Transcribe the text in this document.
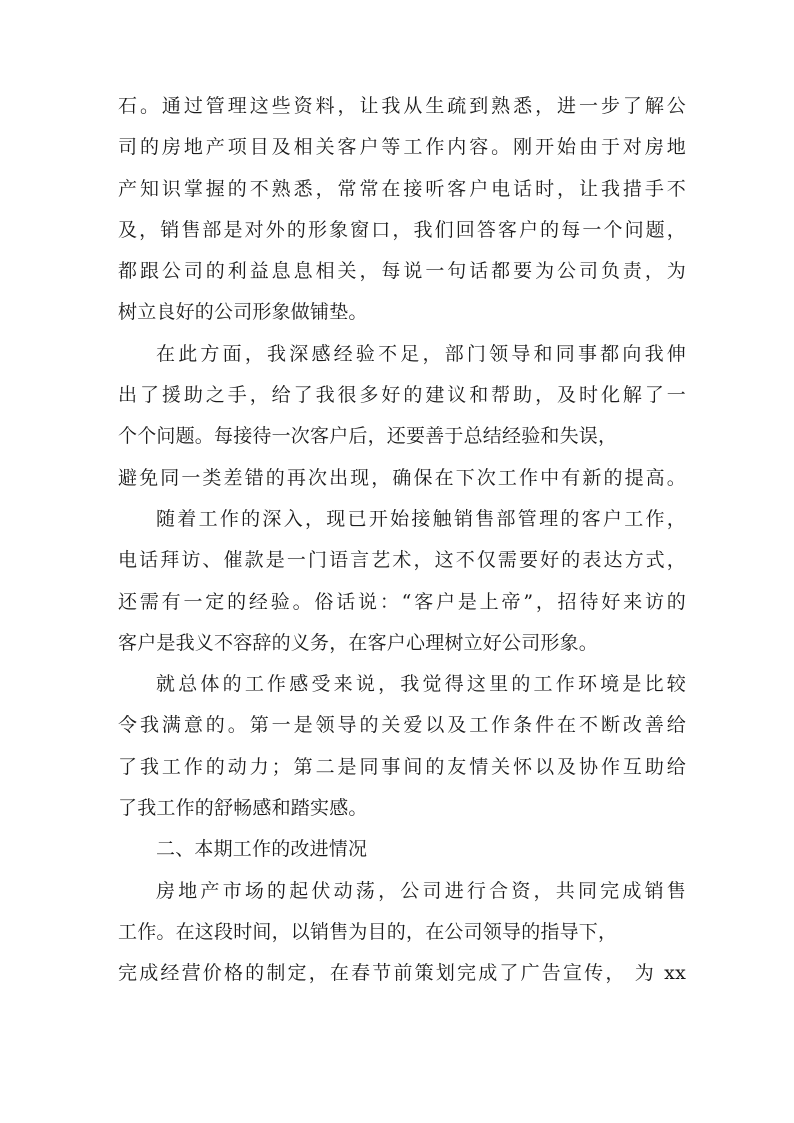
石。通过管理这些资料，让我从生疏到熟悉，进一步了解公
司的房地产项目及相关客户等工作内容。刚开始由于对房地
产知识掌握的不熟悉，常常在接听客户电话时，让我措手不
及，销售部是对外的形象窗口，我们回答客户的每一个问题，
都跟公司的利益息息相关，每说一句话都要为公司负责，为
树立良好的公司形象做铺垫。
在此方面，我深感经验不足，部门领导和同事都向我伸
出了援助之手，给了我很多好的建议和帮助，及时化解了一
个个问题。每接待一次客户后，还要善于总结经验和失误，
避免同一类差错的再次出现，确保在下次工作中有新的提高。
随着工作的深入，现已开始接触销售部管理的客户工作，
电话拜访、催款是一门语言艺术，这不仅需要好的表达方式，
还需有一定的经验。俗话说：“客户是上帝”，招待好来访的
客户是我义不容辞的义务，在客户心理树立好公司形象。
就总体的工作感受来说，我觉得这里的工作环境是比较
令我满意的。第一是领导的关爱以及工作条件在不断改善给
了我工作的动力；第二是同事间的友情关怀以及协作互助给
了我工作的舒畅感和踏实感。
二、本期工作的改进情况
房地产市场的起伏动荡，公司进行合资，共同完成销售
工作。在这段时间，以销售为目的，在公司领导的指导下，
完成经营价格的制定，在春节前策划完成了广告宣传， 为 xx
